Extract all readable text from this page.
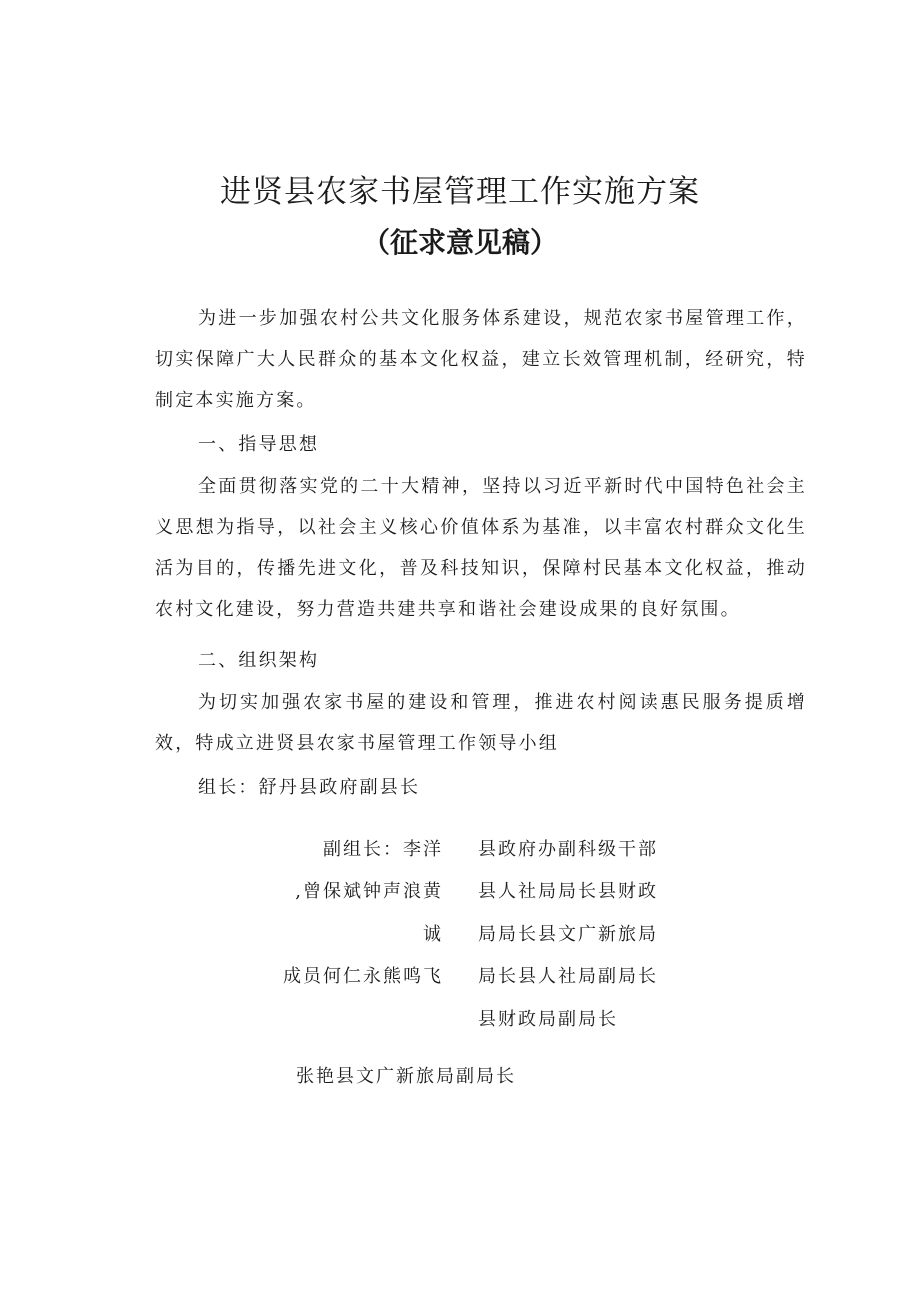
进贤县农家书屋管理工作实施方案
（征求意见稿）

为进一步加强农村公共文化服务体系建设，规范农家书屋管理工作，切实保障广大人民群众的基本文化权益，建立长效管理机制，经研究，特制定本实施方案。

一、指导思想

全面贯彻落实党的二十大精神，坚持以习近平新时代中国特色社会主义思想为指导，以社会主义核心价值体系为基准，以丰富农村群众文化生活为目的，传播先进文化，普及科技知识，保障村民基本文化权益，推动农村文化建设，努力营造共建共享和谐社会建设成果的良好氛围。

二、组织架构

为切实加强农家书屋的建设和管理，推进农村阅读惠民服务提质增效，特成立进贤县农家书屋管理工作领导小组

组长：舒丹县政府副县长

副组长：李洋 县政府办副科级干部
,曾保斌钟声浪黄 县人社局局长县财政
诚 局局长县文广新旅局
成员何仁永熊鸣飞 局长县人社局副局长
县财政局副局长
张艳县文广新旅局副局长
